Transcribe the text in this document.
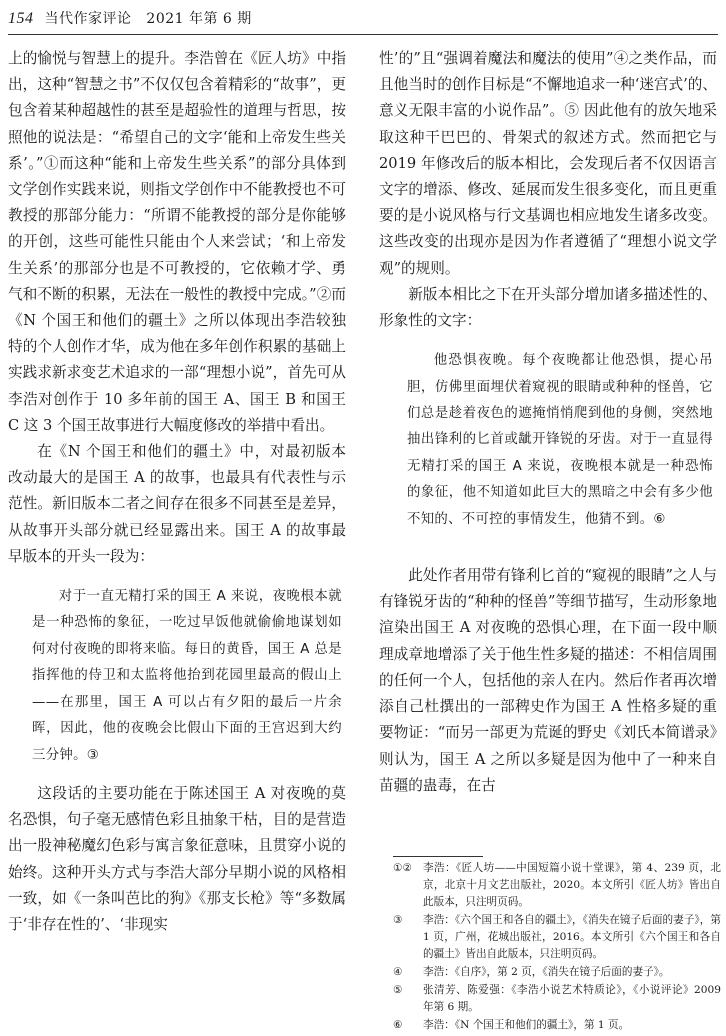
154 当代作家评论 2021 年第 6 期

上的愉悦与智慧上的提升。李浩曾在《匠人坊》中指出，这种“智慧之书”不仅仅包含着精彩的“故事”，更包含着某种超越性的甚至是超验性的道理与哲思，按照他的说法是：“希望自己的文字‘能和上帝发生些关系’。”①而这种“能和上帝发生些关系”的部分具体到文学创作实践来说，则指文学创作中不能教授也不可教授的那部分能力：“所谓不能教授的部分是你能够的开创，这些可能性只能由个人来尝试；‘和上帝发生关系’的那部分也是不可教授的，它依赖才学、勇气和不断的积累，无法在一般性的教授中完成。”②而《N 个国王和他们的疆土》之所以体现出李浩较独特的个人创作才华，成为他在多年创作积累的基础上实践求新求变艺术追求的一部“理想小说”，首先可从李浩对创作于 10 多年前的国王 A、国王 B 和国王 C 这 3 个国王故事进行大幅度修改的举措中看出。

在《N 个国王和他们的疆土》中，对最初版本改动最大的是国王 A 的故事，也最具有代表性与示范性。新旧版本二者之间存在很多不同甚至是差异，从故事开头部分就已经显露出来。国王 A 的故事最早版本的开头一段为：

对于一直无精打采的国王 A 来说，夜晚根本就是一种恐怖的象征，一吃过早饭他就偷偷地谋划如何对付夜晚的即将来临。每日的黄昏，国王 A 总是指挥他的侍卫和太监将他抬到花园里最高的假山上——在那里，国王 A 可以占有夕阳的最后一片余晖，因此，他的夜晚会比假山下面的王宫迟到大约三分钟。③

这段话的主要功能在于陈述国王 A 对夜晚的莫名恐惧，句子毫无感情色彩且抽象干枯，目的是营造出一股神秘魔幻色彩与寓言象征意味，且贯穿小说的始终。这种开头方式与李浩大部分早期小说的风格相一致，如《一条叫芭比的狗》《那支长枪》等“多数属于‘非存在性的’、‘非现实

性’的”且“强调着魔法和魔法的使用”④之类作品，而且他当时的创作目标是“不懈地追求一种‘迷宫式’的、意义无限丰富的小说作品”。⑤ 因此他有的放矢地采取这种干巴巴的、骨架式的叙述方式。然而把它与 2019 年修改后的版本相比，会发现后者不仅因语言文字的增添、修改、延展而发生很多变化，而且更重要的是小说风格与行文基调也相应地发生诸多改变。这些改变的出现亦是因为作者遵循了“理想小说文学观”的规则。

新版本相比之下在开头部分增加诸多描述性的、形象性的文字：

他恐惧夜晚。每个夜晚都让他恐惧，提心吊胆，仿佛里面埋伏着窥视的眼睛或种种的怪兽，它们总是趁着夜色的遮掩悄悄爬到他的身侧，突然地抽出锋利的匕首或龇开锋锐的牙齿。对于一直显得无精打采的国王 A 来说，夜晚根本就是一种恐怖的象征，他不知道如此巨大的黑暗之中会有多少他不知的、不可控的事情发生，他猜不到。⑥

此处作者用带有锋利匕首的“窥视的眼睛”之人与有锋锐牙齿的“种种的怪兽”等细节描写，生动形象地渲染出国王 A 对夜晚的恐惧心理，在下面一段中顺理成章地增添了关于他生性多疑的描述：不相信周围的任何一个人，包括他的亲人在内。然后作者再次增添自己杜撰出的一部稗史作为国王 A 性格多疑的重要物证：“而另一部更为荒诞的野史《刘氏本简谱录》则认为，国王 A 之所以多疑是因为他中了一种来自苗疆的蛊毒，在古

①②	李浩：《匠人坊——中国短篇小说十堂课》，第 4、239 页，北京，北京十月文艺出版社，2020。本文所引《匠人坊》皆出自此版本，只注明页码。
③	李浩：《六个国王和各自的疆土》，《消失在镜子后面的妻子》，第 1 页，广州，花城出版社，2016。本文所引《六个国王和各自的疆土》皆出自此版本，只注明页码。
④	李浩：《自序》，第 2 页，《消失在镜子后面的妻子》。
⑤	张清芳、陈爱强：《李浩小说艺术特质论》，《小说评论》2009 年第 6 期。
⑥	李浩：《N 个国王和他们的疆土》，第 1 页。
